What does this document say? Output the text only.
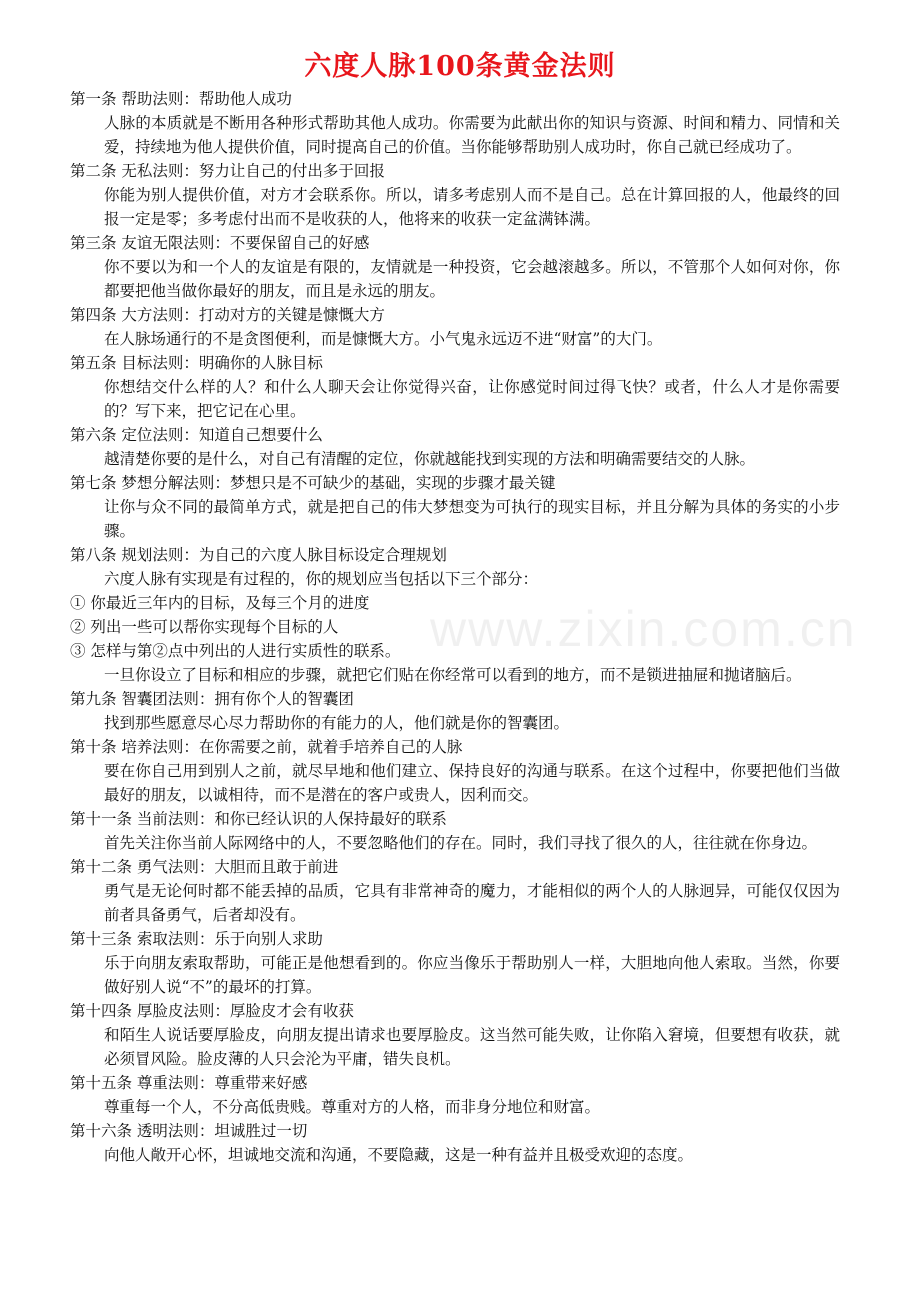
六度人脉100条黄金法则
www.zixin.com.cn

第一条 帮助法则：帮助他人成功

人脉的本质就是不断用各种形式帮助其他人成功。你需要为此献出你的知识与资源、时间和精力、同情和关爱，持续地为他人提供价值，同时提高自己的价值。当你能够帮助别人成功时，你自己就已经成功了。

第二条 无私法则：努力让自己的付出多于回报

你能为别人提供价值，对方才会联系你。所以，请多考虑别人而不是自己。总在计算回报的人，他最终的回报一定是零；多考虑付出而不是收获的人，他将来的收获一定盆满钵满。

第三条 友谊无限法则：不要保留自己的好感

你不要以为和一个人的友谊是有限的，友情就是一种投资，它会越滚越多。所以，不管那个人如何对你，你都要把他当做你最好的朋友，而且是永远的朋友。

第四条 大方法则：打动对方的关键是慷慨大方

在人脉场通行的不是贪图便利，而是慷慨大方。小气鬼永远迈不进“财富”的大门。

第五条 目标法则：明确你的人脉目标

你想结交什么样的人？和什么人聊天会让你觉得兴奋，让你感觉时间过得飞快？或者，什么人才是你需要的？写下来，把它记在心里。

第六条 定位法则：知道自己想要什么

越清楚你要的是什么，对自己有清醒的定位，你就越能找到实现的方法和明确需要结交的人脉。

第七条 梦想分解法则：梦想只是不可缺少的基础，实现的步骤才最关键

让你与众不同的最简单方式，就是把自己的伟大梦想变为可执行的现实目标，并且分解为具体的务实的小步骤。

第八条 规划法则：为自己的六度人脉目标设定合理规划

六度人脉有实现是有过程的，你的规划应当包括以下三个部分：

① 你最近三年内的目标，及每三个月的进度

② 列出一些可以帮你实现每个目标的人

③ 怎样与第②点中列出的人进行实质性的联系。

一旦你设立了目标和相应的步骤，就把它们贴在你经常可以看到的地方，而不是锁进抽屉和抛诸脑后。

第九条 智囊团法则：拥有你个人的智囊团

找到那些愿意尽心尽力帮助你的有能力的人，他们就是你的智囊团。

第十条 培养法则：在你需要之前，就着手培养自己的人脉

要在你自己用到别人之前，就尽早地和他们建立、保持良好的沟通与联系。在这个过程中，你要把他们当做最好的朋友，以诚相待，而不是潜在的客户或贵人，因利而交。

第十一条 当前法则：和你已经认识的人保持最好的联系

首先关注你当前人际网络中的人，不要忽略他们的存在。同时，我们寻找了很久的人，往往就在你身边。

第十二条 勇气法则：大胆而且敢于前进

勇气是无论何时都不能丢掉的品质，它具有非常神奇的魔力，才能相似的两个人的人脉迥异，可能仅仅因为前者具备勇气，后者却没有。

第十三条 索取法则：乐于向别人求助

乐于向朋友索取帮助，可能正是他想看到的。你应当像乐于帮助别人一样，大胆地向他人索取。当然，你要做好别人说“不”的最坏的打算。

第十四条 厚脸皮法则：厚脸皮才会有收获

和陌生人说话要厚脸皮，向朋友提出请求也要厚脸皮。这当然可能失败，让你陷入窘境，但要想有收获，就必须冒风险。脸皮薄的人只会沦为平庸，错失良机。

第十五条 尊重法则：尊重带来好感

尊重每一个人，不分高低贵贱。尊重对方的人格，而非身分地位和财富。

第十六条 透明法则：坦诚胜过一切

向他人敞开心怀，坦诚地交流和沟通，不要隐藏，这是一种有益并且极受欢迎的态度。
